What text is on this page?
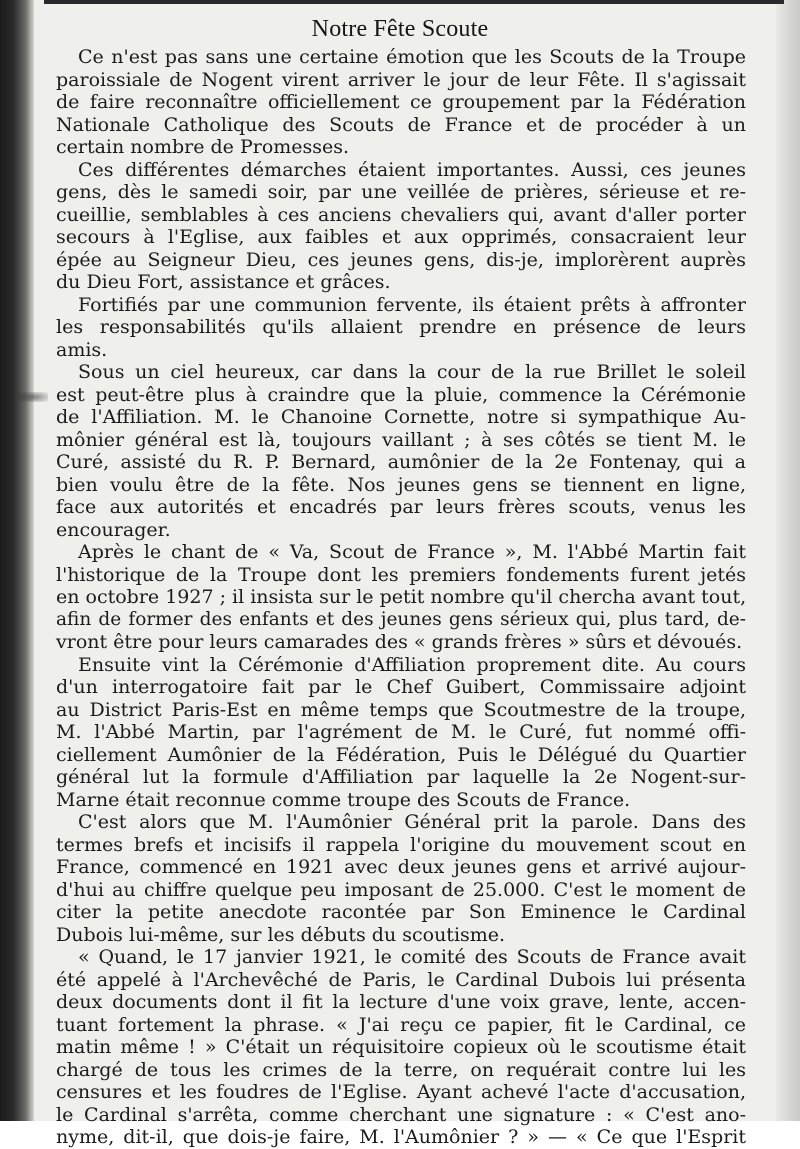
Notre Fête Scoute
Ce n'est pas sans une certaine émotion que les Scouts de la Troupe
paroissiale de Nogent virent arriver le jour de leur Fête. Il s'agissait
de faire reconnaître officiellement ce groupement par la Fédération
Nationale Catholique des Scouts de France et de procéder à un
certain nombre de Promesses.
Ces différentes démarches étaient importantes. Aussi, ces jeunes
gens, dès le samedi soir, par une veillée de prières, sérieuse et re-
cueillie, semblables à ces anciens chevaliers qui, avant d'aller porter
secours à l'Eglise, aux faibles et aux opprimés, consacraient leur
épée au Seigneur Dieu, ces jeunes gens, dis-je, implorèrent auprès
du Dieu Fort, assistance et grâces.
Fortifiés par une communion fervente, ils étaient prêts à affronter
les responsabilités qu'ils allaient prendre en présence de leurs
amis.
Sous un ciel heureux, car dans la cour de la rue Brillet le soleil
est peut-être plus à craindre que la pluie, commence la Cérémonie
de l'Affiliation. M. le Chanoine Cornette, notre si sympathique Au-
mônier général est là, toujours vaillant ; à ses côtés se tient M. le
Curé, assisté du R. P. Bernard, aumônier de la 2e Fontenay, qui a
bien voulu être de la fête. Nos jeunes gens se tiennent en ligne,
face aux autorités et encadrés par leurs frères scouts, venus les
encourager.
Après le chant de « Va, Scout de France », M. l'Abbé Martin fait
l'historique de la Troupe dont les premiers fondements furent jetés
en octobre 1927 ; il insista sur le petit nombre qu'il chercha avant tout,
afin de former des enfants et des jeunes gens sérieux qui, plus tard, de-
vront être pour leurs camarades des « grands frères » sûrs et dévoués.
Ensuite vint la Cérémonie d'Affiliation proprement dite. Au cours
d'un interrogatoire fait par le Chef Guibert, Commissaire adjoint
au District Paris-Est en même temps que Scoutmestre de la troupe,
M. l'Abbé Martin, par l'agrément de M. le Curé, fut nommé offi-
ciellement Aumônier de la Fédération, Puis le Délégué du Quartier
général lut la formule d'Affiliation par laquelle la 2e Nogent-sur-
Marne était reconnue comme troupe des Scouts de France.
C'est alors que M. l'Aumônier Général prit la parole. Dans des
termes brefs et incisifs il rappela l'origine du mouvement scout en
France, commencé en 1921 avec deux jeunes gens et arrivé aujour-
d'hui au chiffre quelque peu imposant de 25.000. C'est le moment de
citer la petite anecdote racontée par Son Eminence le Cardinal
Dubois lui-même, sur les débuts du scoutisme.
« Quand, le 17 janvier 1921, le comité des Scouts de France avait
été appelé à l'Archevêché de Paris, le Cardinal Dubois lui présenta
deux documents dont il fit la lecture d'une voix grave, lente, accen-
tuant fortement la phrase. « J'ai reçu ce papier, fit le Cardinal, ce
matin même ! » C'était un réquisitoire copieux où le scoutisme était
chargé de tous les crimes de la terre, on requérait contre lui les
censures et les foudres de l'Eglise. Ayant achevé l'acte d'accusation,
le Cardinal s'arrêta, comme cherchant une signature : « C'est ano-
nyme, dit-il, que dois-je faire, M. l'Aumônier ? » — « Ce que l'Esprit
